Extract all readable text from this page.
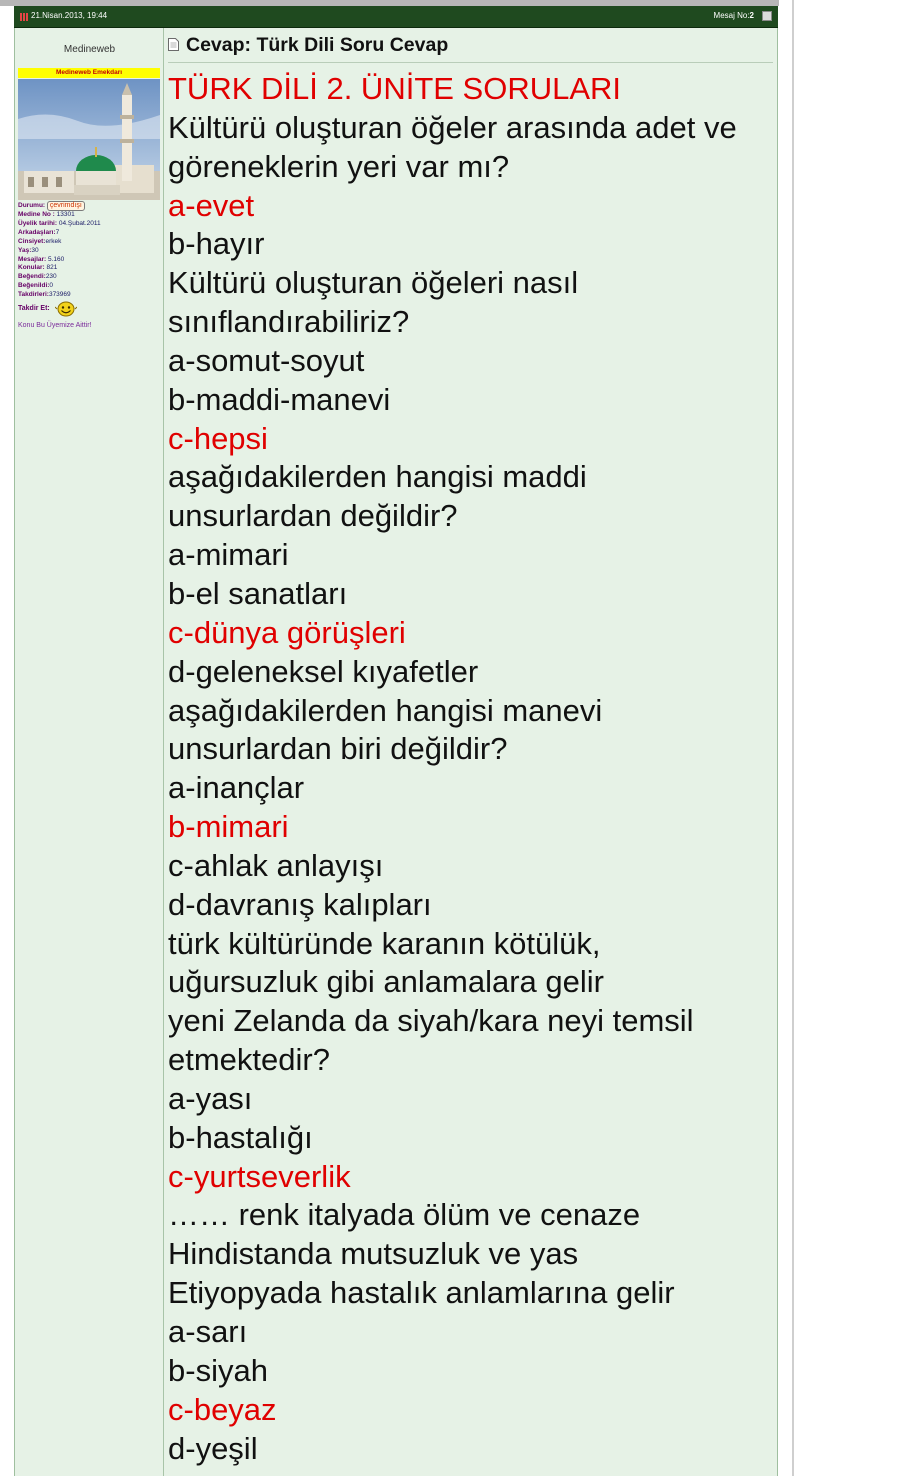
21.Nisan.2013, 19:44	Mesaj No:2
Medineweb
Medineweb Emekdarı
Durumu: çevrimdışı
Medine No : 13301
Üyelik tarihi: 04.Şubat.2011
Arkadaşları:7
Cinsiyet:erkek
Yaş:30
Mesajlar: 5.160
Konular: 821
Beğendi:230
Beğenildi:0
Takdirleri:373969
Takdir Et:
Konu Bu Üyemize Aittir!
Cevap: Türk Dili Soru Cevap
TÜRK DİLİ 2. ÜNİTE SORULARI
Kültürü oluşturan öğeler arasında adet ve
göreneklerin yeri var mı?
a-evet
b-hayır
Kültürü oluşturan öğeleri nasıl
sınıflandırabiliriz?
a-somut-soyut
b-maddi-manevi
c-hepsi
aşağıdakilerden hangisi maddi
unsurlardan değildir?
a-mimari
b-el sanatları
c-dünya görüşleri
d-geleneksel kıyafetler
aşağıdakilerden hangisi manevi
unsurlardan biri değildir?
a-inançlar
b-mimari
c-ahlak anlayışı
d-davranış kalıpları
türk kültüründe karanın kötülük,
uğursuzluk gibi anlamalara gelir
yeni Zelanda da siyah/kara neyi temsil
etmektedir?
a-yası
b-hastalığı
c-yurtseverlik
…… renk italyada ölüm ve cenaze
Hindistanda mutsuzluk ve yas
Etiyopyada hastalık anlamlarına gelir
a-sarı
b-siyah
c-beyaz
d-yeşil
